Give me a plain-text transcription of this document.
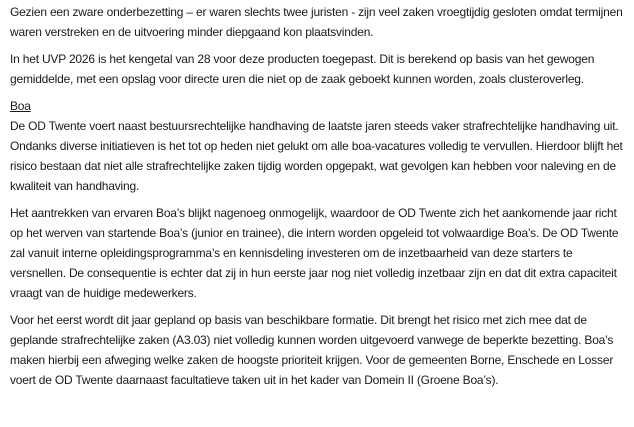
Gezien een zware onderbezetting – er waren slechts twee juristen - zijn veel zaken vroegtijdig gesloten omdat termijnen waren verstreken en de uitvoering minder diepgaand kon plaatsvinden.

In het UVP 2026 is het kengetal van 28 voor deze producten toegepast. Dit is berekend op basis van het gewogen gemiddelde, met een opslag voor directe uren die niet op de zaak geboekt kunnen worden, zoals clusteroverleg.

Boa

De OD Twente voert naast bestuursrechtelijke handhaving de laatste jaren steeds vaker strafrechtelijke handhaving uit. Ondanks diverse initiatieven is het tot op heden niet gelukt om alle boa-vacatures volledig te vervullen. Hierdoor blijft het risico bestaan dat niet alle strafrechtelijke zaken tijdig worden opgepakt, wat gevolgen kan hebben voor naleving en de kwaliteit van handhaving.

Het aantrekken van ervaren Boa’s blijkt nagenoeg onmogelijk, waardoor de OD Twente zich het aankomende jaar richt op het werven van startende Boa’s (junior en trainee), die intern worden opgeleid tot volwaardige Boa’s. De OD Twente zal vanuit interne opleidingsprogramma’s en kennisdeling investeren om de inzetbaarheid van deze starters te versnellen. De consequentie is echter dat zij in hun eerste jaar nog niet volledig inzetbaar zijn en dat dit extra capaciteit vraagt van de huidige medewerkers.

Voor het eerst wordt dit jaar gepland op basis van beschikbare formatie. Dit brengt het risico met zich mee dat de geplande strafrechtelijke zaken (A3.03) niet volledig kunnen worden uitgevoerd vanwege de beperkte bezetting. Boa’s maken hierbij een afweging welke zaken de hoogste prioriteit krijgen. Voor de gemeenten Borne, Enschede en Losser voert de OD Twente daarnaast facultatieve taken uit in het kader van Domein II (Groene Boa’s).
